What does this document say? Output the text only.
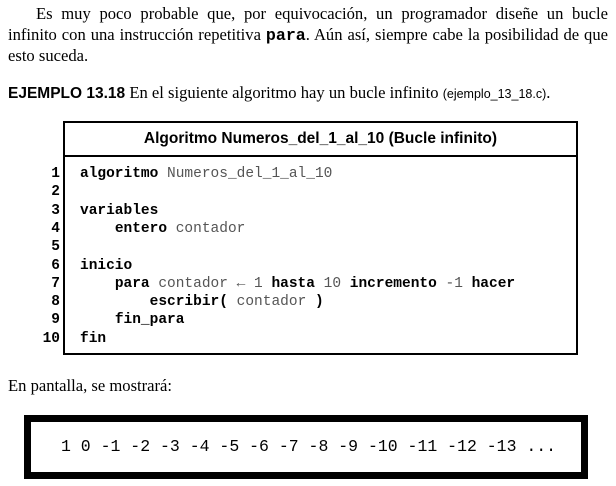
Es muy poco probable que, por equivocación, un programador diseñe un bucle infinito con una instrucción repetitiva para. Aún así, siempre cabe la posibilidad de que esto suceda.

EJEMPLO 13.18 En el siguiente algoritmo hay un bucle infinito (ejemplo_13_18.c).
Algoritmo Numeros_del_1_al_10 (Bucle infinito)
1 algoritmo Numeros_del_1_al_10
2
3 variables
4	entero contador
5
6 inicio
7	para contador ← 1 hasta 10 incremento -1 hacer
8	escribir( contador )
9	fin_para
10 fin
En pantalla, se mostrará:
1 0 -1 -2 -3 -4 -5 -6 -7 -8 -9 -10 -11 -12 -13 ...
